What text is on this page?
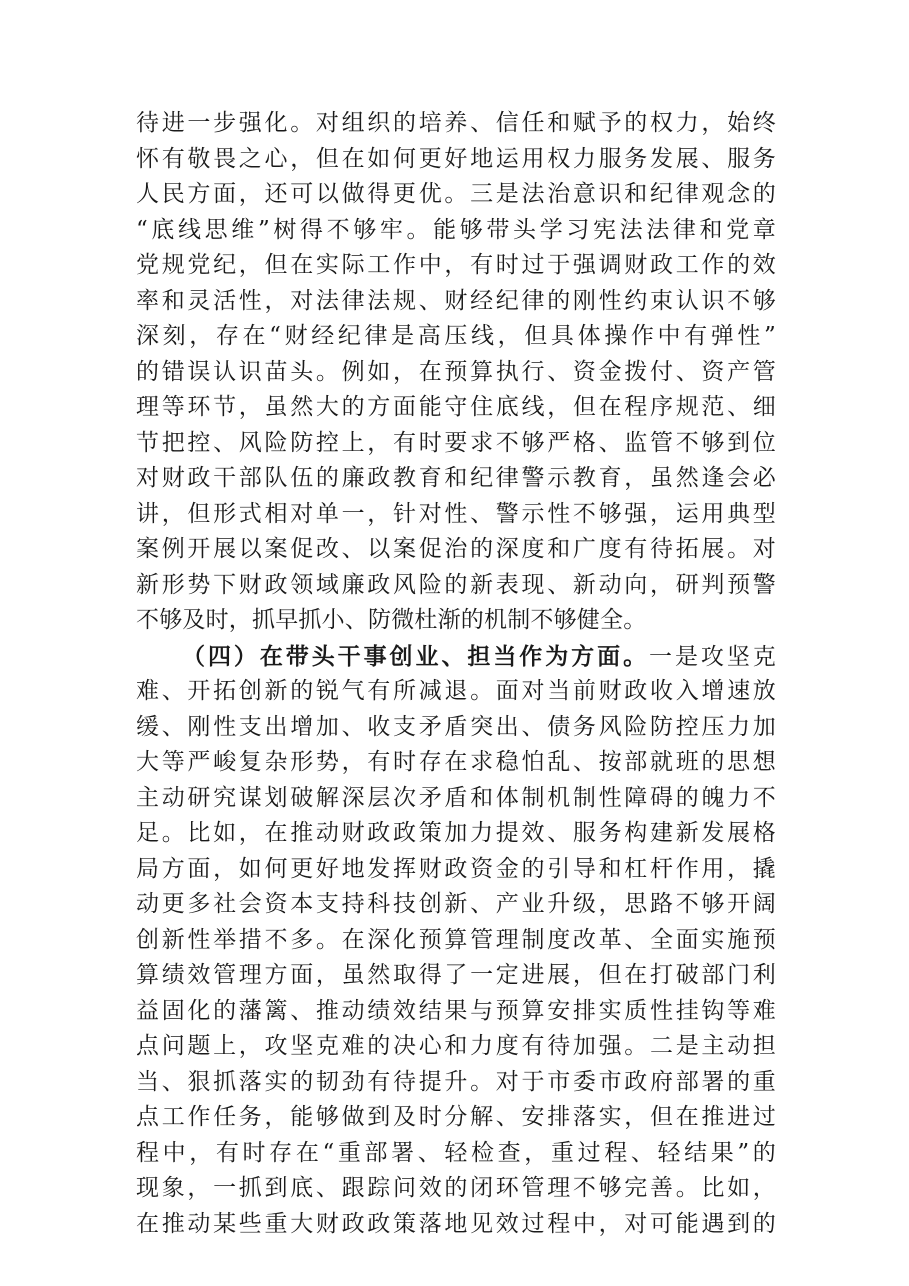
待进一步强化。对组织的培养、信任和赋予的权力，始终
怀有敬畏之心，但在如何更好地运用权力服务发展、服务
人民方面，还可以做得更优。三是法治意识和纪律观念的
“底线思维”树得不够牢。能够带头学习宪法法律和党章
党规党纪，但在实际工作中，有时过于强调财政工作的效
率和灵活性，对法律法规、财经纪律的刚性约束认识不够
深刻，存在“财经纪律是高压线，但具体操作中有弹性”
的错误认识苗头。例如，在预算执行、资金拨付、资产管
理等环节，虽然大的方面能守住底线，但在程序规范、细
节把控、风险防控上，有时要求不够严格、监管不够到位
对财政干部队伍的廉政教育和纪律警示教育，虽然逢会必
讲，但形式相对单一，针对性、警示性不够强，运用典型
案例开展以案促改、以案促治的深度和广度有待拓展。对
新形势下财政领域廉政风险的新表现、新动向，研判预警
不够及时，抓早抓小、防微杜渐的机制不够健全。
（四）在带头干事创业、担当作为方面。一是攻坚克
难、开拓创新的锐气有所减退。面对当前财政收入增速放
缓、刚性支出增加、收支矛盾突出、债务风险防控压力加
大等严峻复杂形势，有时存在求稳怕乱、按部就班的思想
主动研究谋划破解深层次矛盾和体制机制性障碍的魄力不
足。比如，在推动财政政策加力提效、服务构建新发展格
局方面，如何更好地发挥财政资金的引导和杠杆作用，撬
动更多社会资本支持科技创新、产业升级，思路不够开阔
创新性举措不多。在深化预算管理制度改革、全面实施预
算绩效管理方面，虽然取得了一定进展，但在打破部门利
益固化的藩篱、推动绩效结果与预算安排实质性挂钩等难
点问题上，攻坚克难的决心和力度有待加强。二是主动担
当、狠抓落实的韧劲有待提升。对于市委市政府部署的重
点工作任务，能够做到及时分解、安排落实，但在推进过
程中，有时存在“重部署、轻检查，重过程、轻结果”的
现象，一抓到底、跟踪问效的闭环管理不够完善。比如，
在推动某些重大财政政策落地见效过程中，对可能遇到的
